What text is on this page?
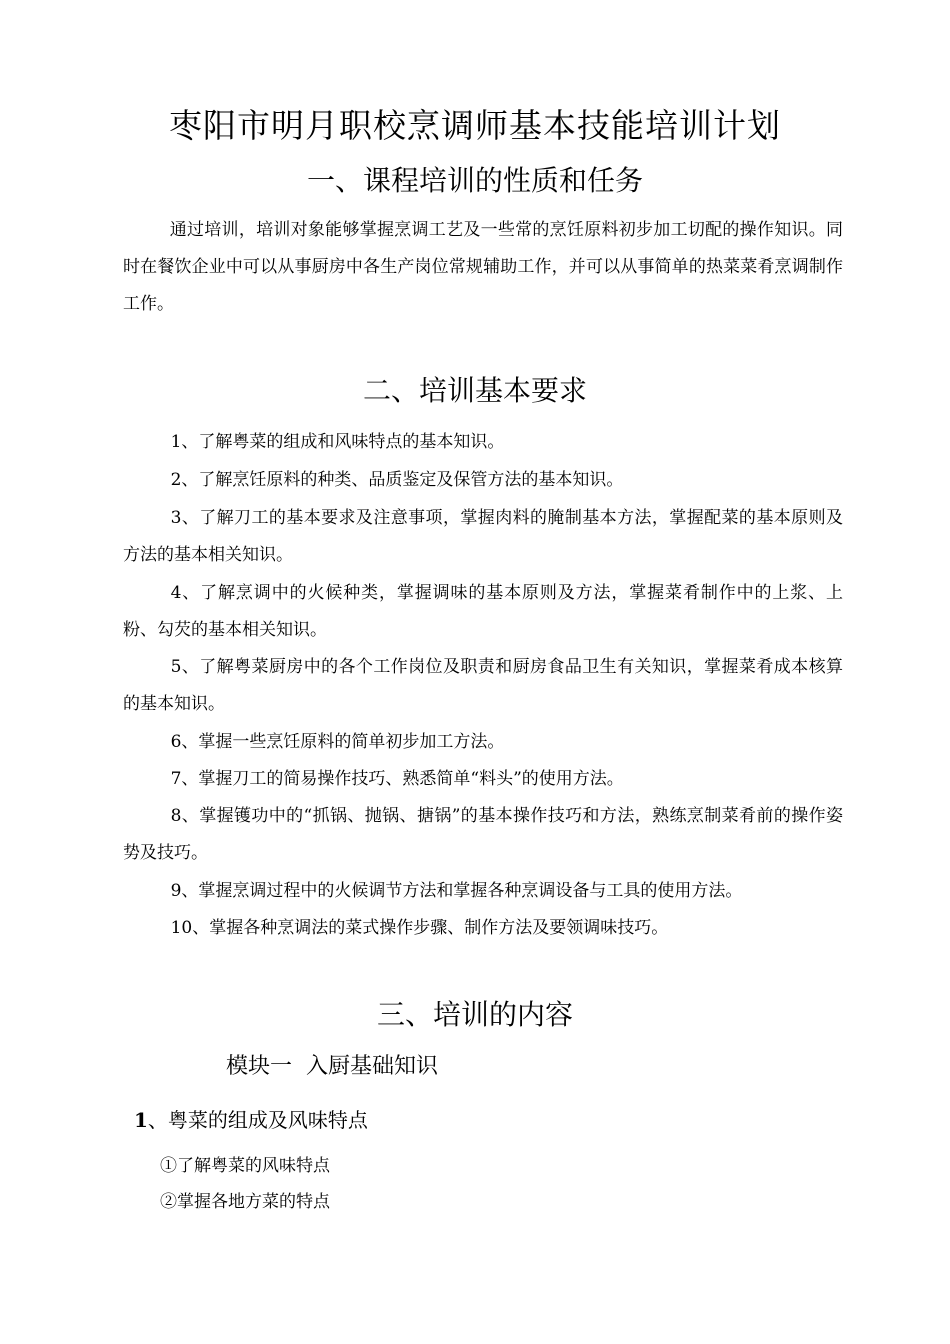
枣阳市明月职校烹调师基本技能培训计划
一、课程培训的性质和任务

通过培训，培训对象能够掌握烹调工艺及一些常的烹饪原料初步加工切配的操作知识。同时在餐饮企业中可以从事厨房中各生产岗位常规辅助工作，并可以从事简单的热菜菜肴烹调制作工作。

二、培训基本要求

1、了解粤菜的组成和风味特点的基本知识。

2、了解烹饪原料的种类、品质鉴定及保管方法的基本知识。

3、了解刀工的基本要求及注意事项，掌握肉料的腌制基本方法，掌握配菜的基本原则及方法的基本相关知识。

4、了解烹调中的火候种类，掌握调味的基本原则及方法，掌握菜肴制作中的上浆、上粉、勾芡的基本相关知识。

5、了解粤菜厨房中的各个工作岗位及职责和厨房食品卫生有关知识，掌握菜肴成本核算的基本知识。

6、掌握一些烹饪原料的简单初步加工方法。

7、掌握刀工的简易操作技巧、熟悉简单“料头”的使用方法。

8、掌握镬功中的“抓锅、抛锅、搪锅”的基本操作技巧和方法，熟练烹制菜肴前的操作姿势及技巧。

9、掌握烹调过程中的火候调节方法和掌握各种烹调设备与工具的使用方法。

10、掌握各种烹调法的菜式操作步骤、制作方法及要领调味技巧。

三、培训的内容
模块一  入厨基础知识
1、粤菜的组成及风味特点

①了解粤菜的风味特点

②掌握各地方菜的特点
